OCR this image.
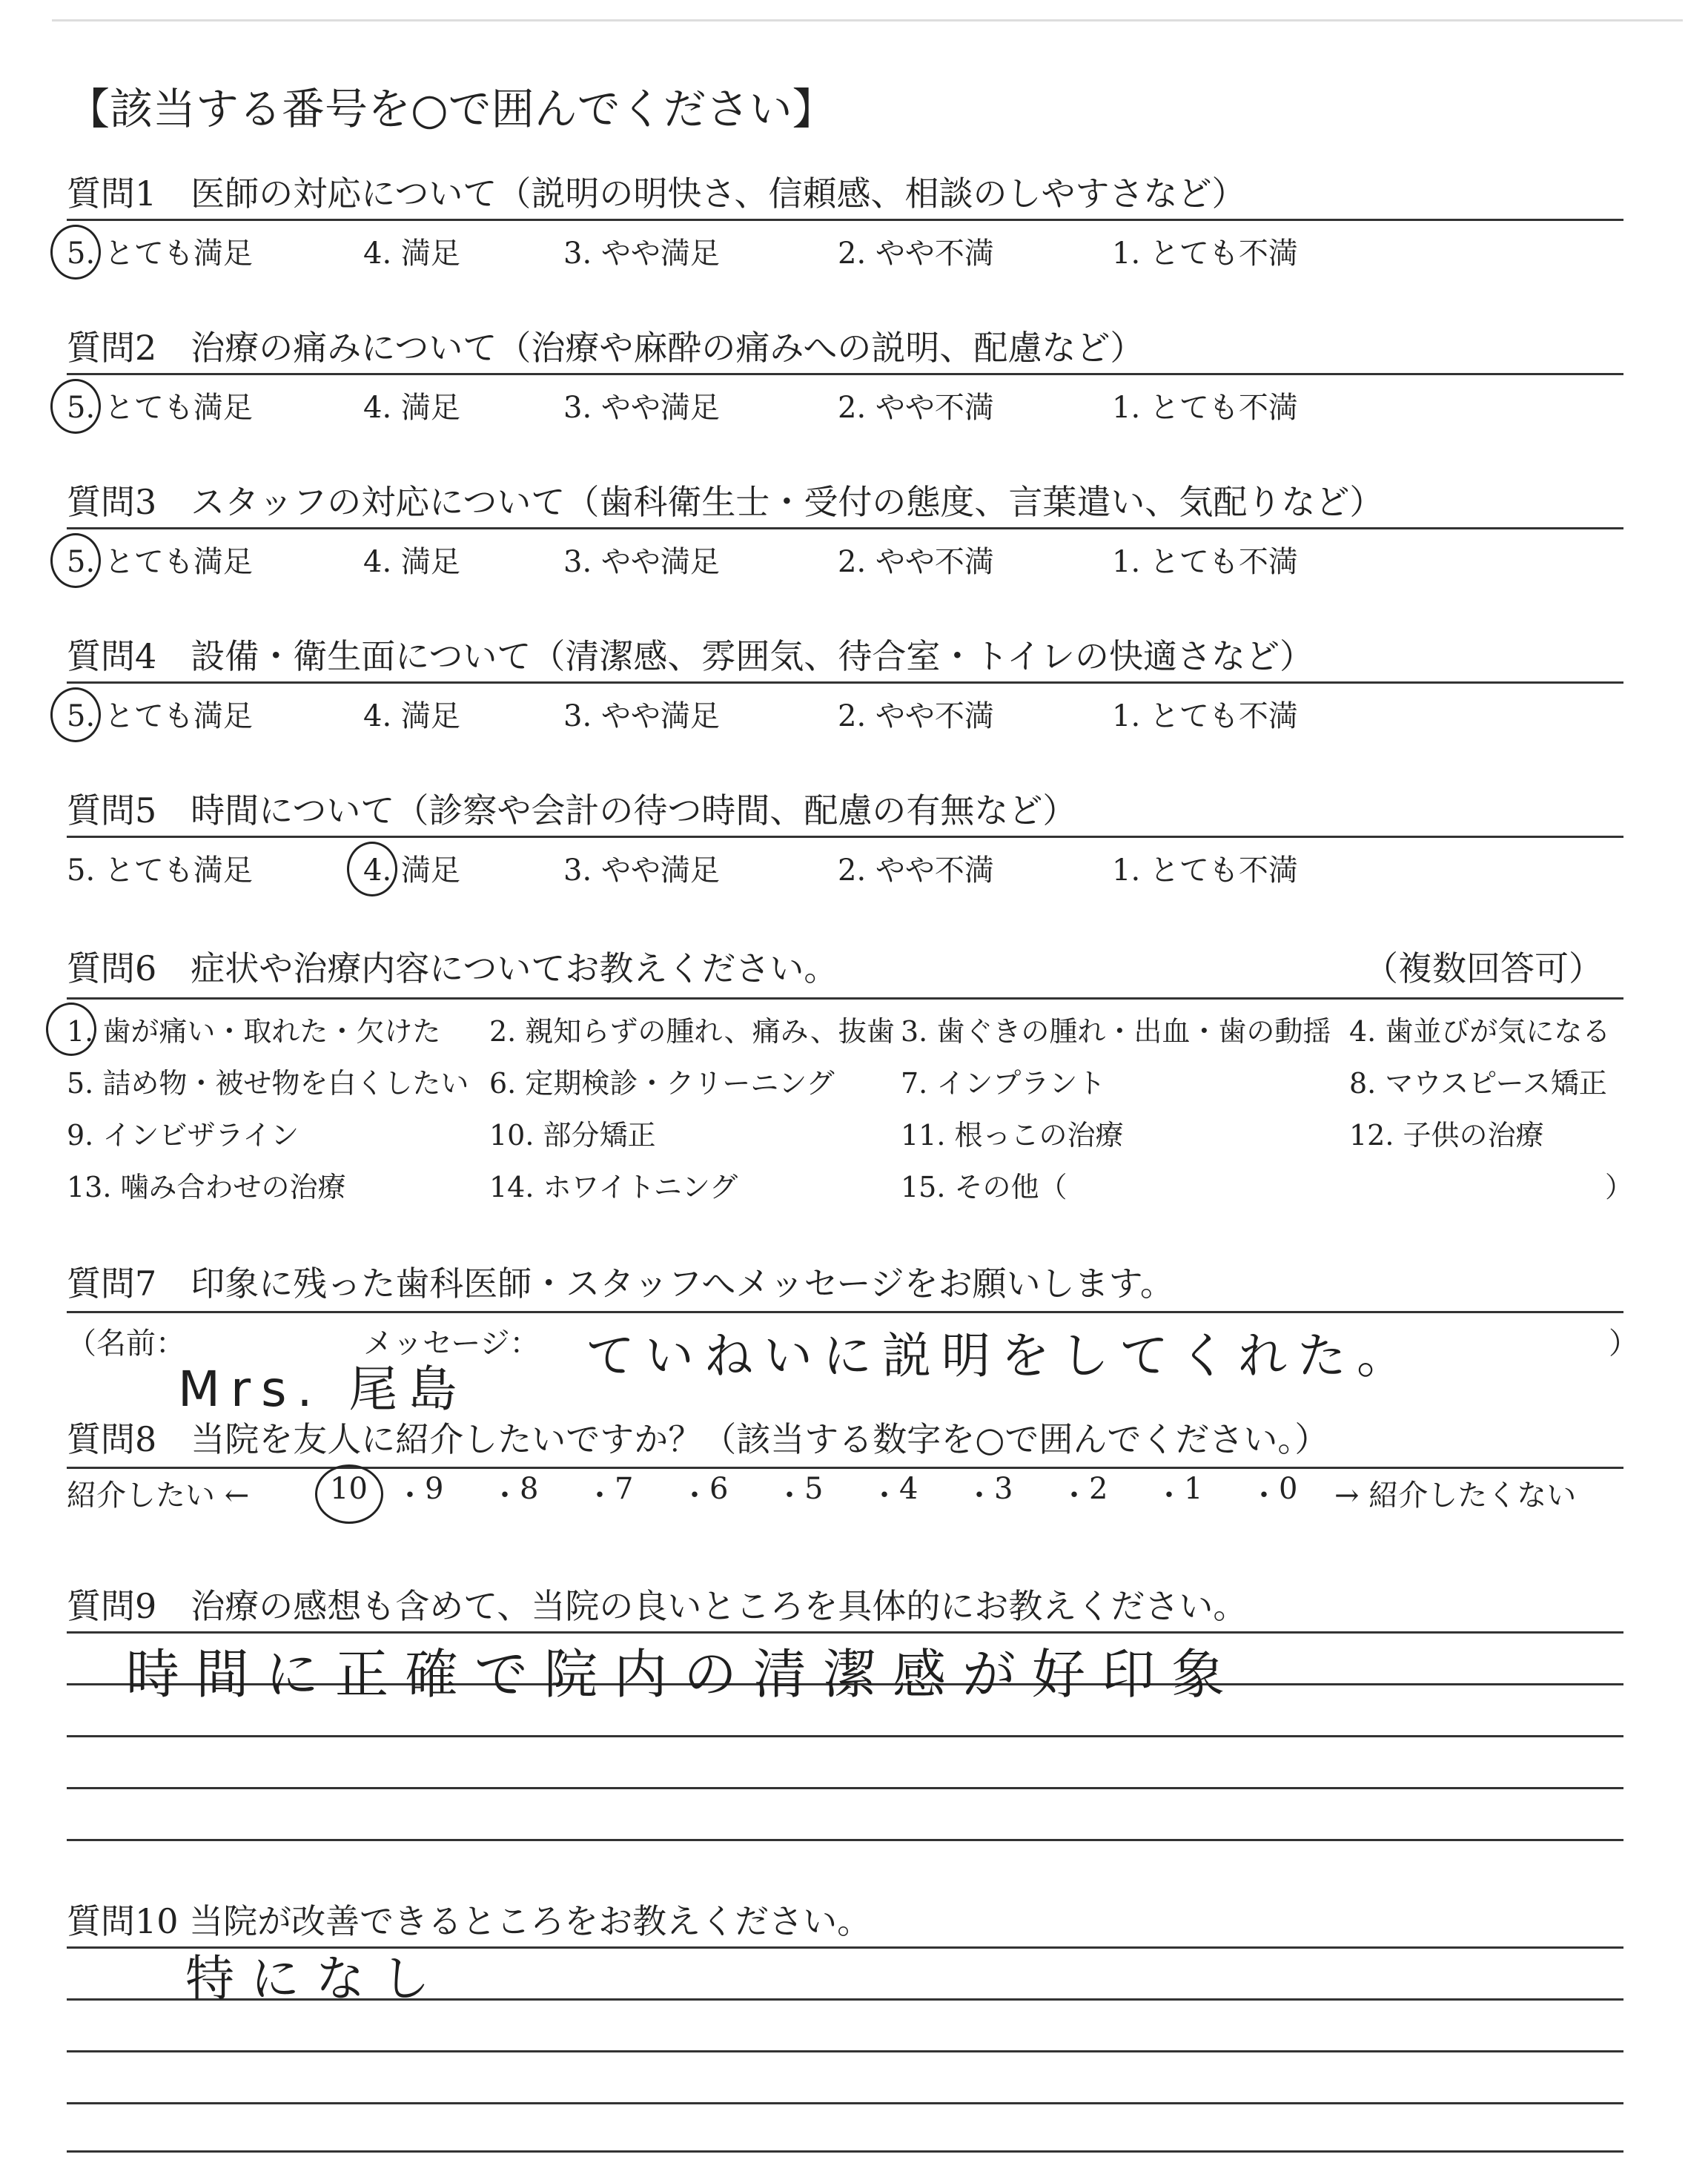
【該当する番号を○で囲んでください】
質問1　医師の対応について（説明の明快さ、信頼感、相談のしやすさなど）
5. とても満足	4. 満足	3. やや満足	2. やや不満	1. とても不満
質問2　治療の痛みについて（治療や麻酔の痛みへの説明、配慮など）
5. とても満足	4. 満足	3. やや満足	2. やや不満	1. とても不満
質問3　スタッフの対応について（歯科衛生士・受付の態度、言葉遣い、気配りなど）
5. とても満足	4. 満足	3. やや満足	2. やや不満	1. とても不満
質問4　設備・衛生面について（清潔感、雰囲気、待合室・トイレの快適さなど）
5. とても満足	4. 満足	3. やや満足	2. やや不満	1. とても不満
質問5　時間について（診察や会計の待つ時間、配慮の有無など）
5. とても満足	4. 満足	3. やや満足	2. やや不満	1. とても不満
質問6　症状や治療内容についてお教えください。	（複数回答可）
1. 歯が痛い・取れた・欠けた 2. 親知らずの腫れ、痛み、抜歯 3. 歯ぐきの腫れ・出血・歯の動揺 4. 歯並びが気になる
5. 詰め物・被せ物を白くしたい 6. 定期検診・クリーニング 7. インプラント	8. マウスピース矯正
9. インビザライン	10. 部分矯正	11. 根っこの治療	12. 子供の治療
13. 噛み合わせの治療	14. ホワイトニング	15. その他（	）
質問7　印象に残った歯科医師・スタッフへメッセージをお願いします。
（名前：	メッセージ：	）
Mrs. 尾島
ていねいに説明をしてくれた。
質問8　当院を友人に紹介したいですか？（該当する数字を○で囲んでください。）
紹介したい ←	→ 紹介したくない
10 ・ 9 ・ 8 ・ 7 ・ 6 ・ 5 ・ 4 ・ 3 ・ 2 ・ 1 ・ 0
質問9　治療の感想も含めて、当院の良いところを具体的にお教えください。
時間に正確で院内の清潔感が好印象
質問10 当院が改善できるところをお教えください。
特になし
